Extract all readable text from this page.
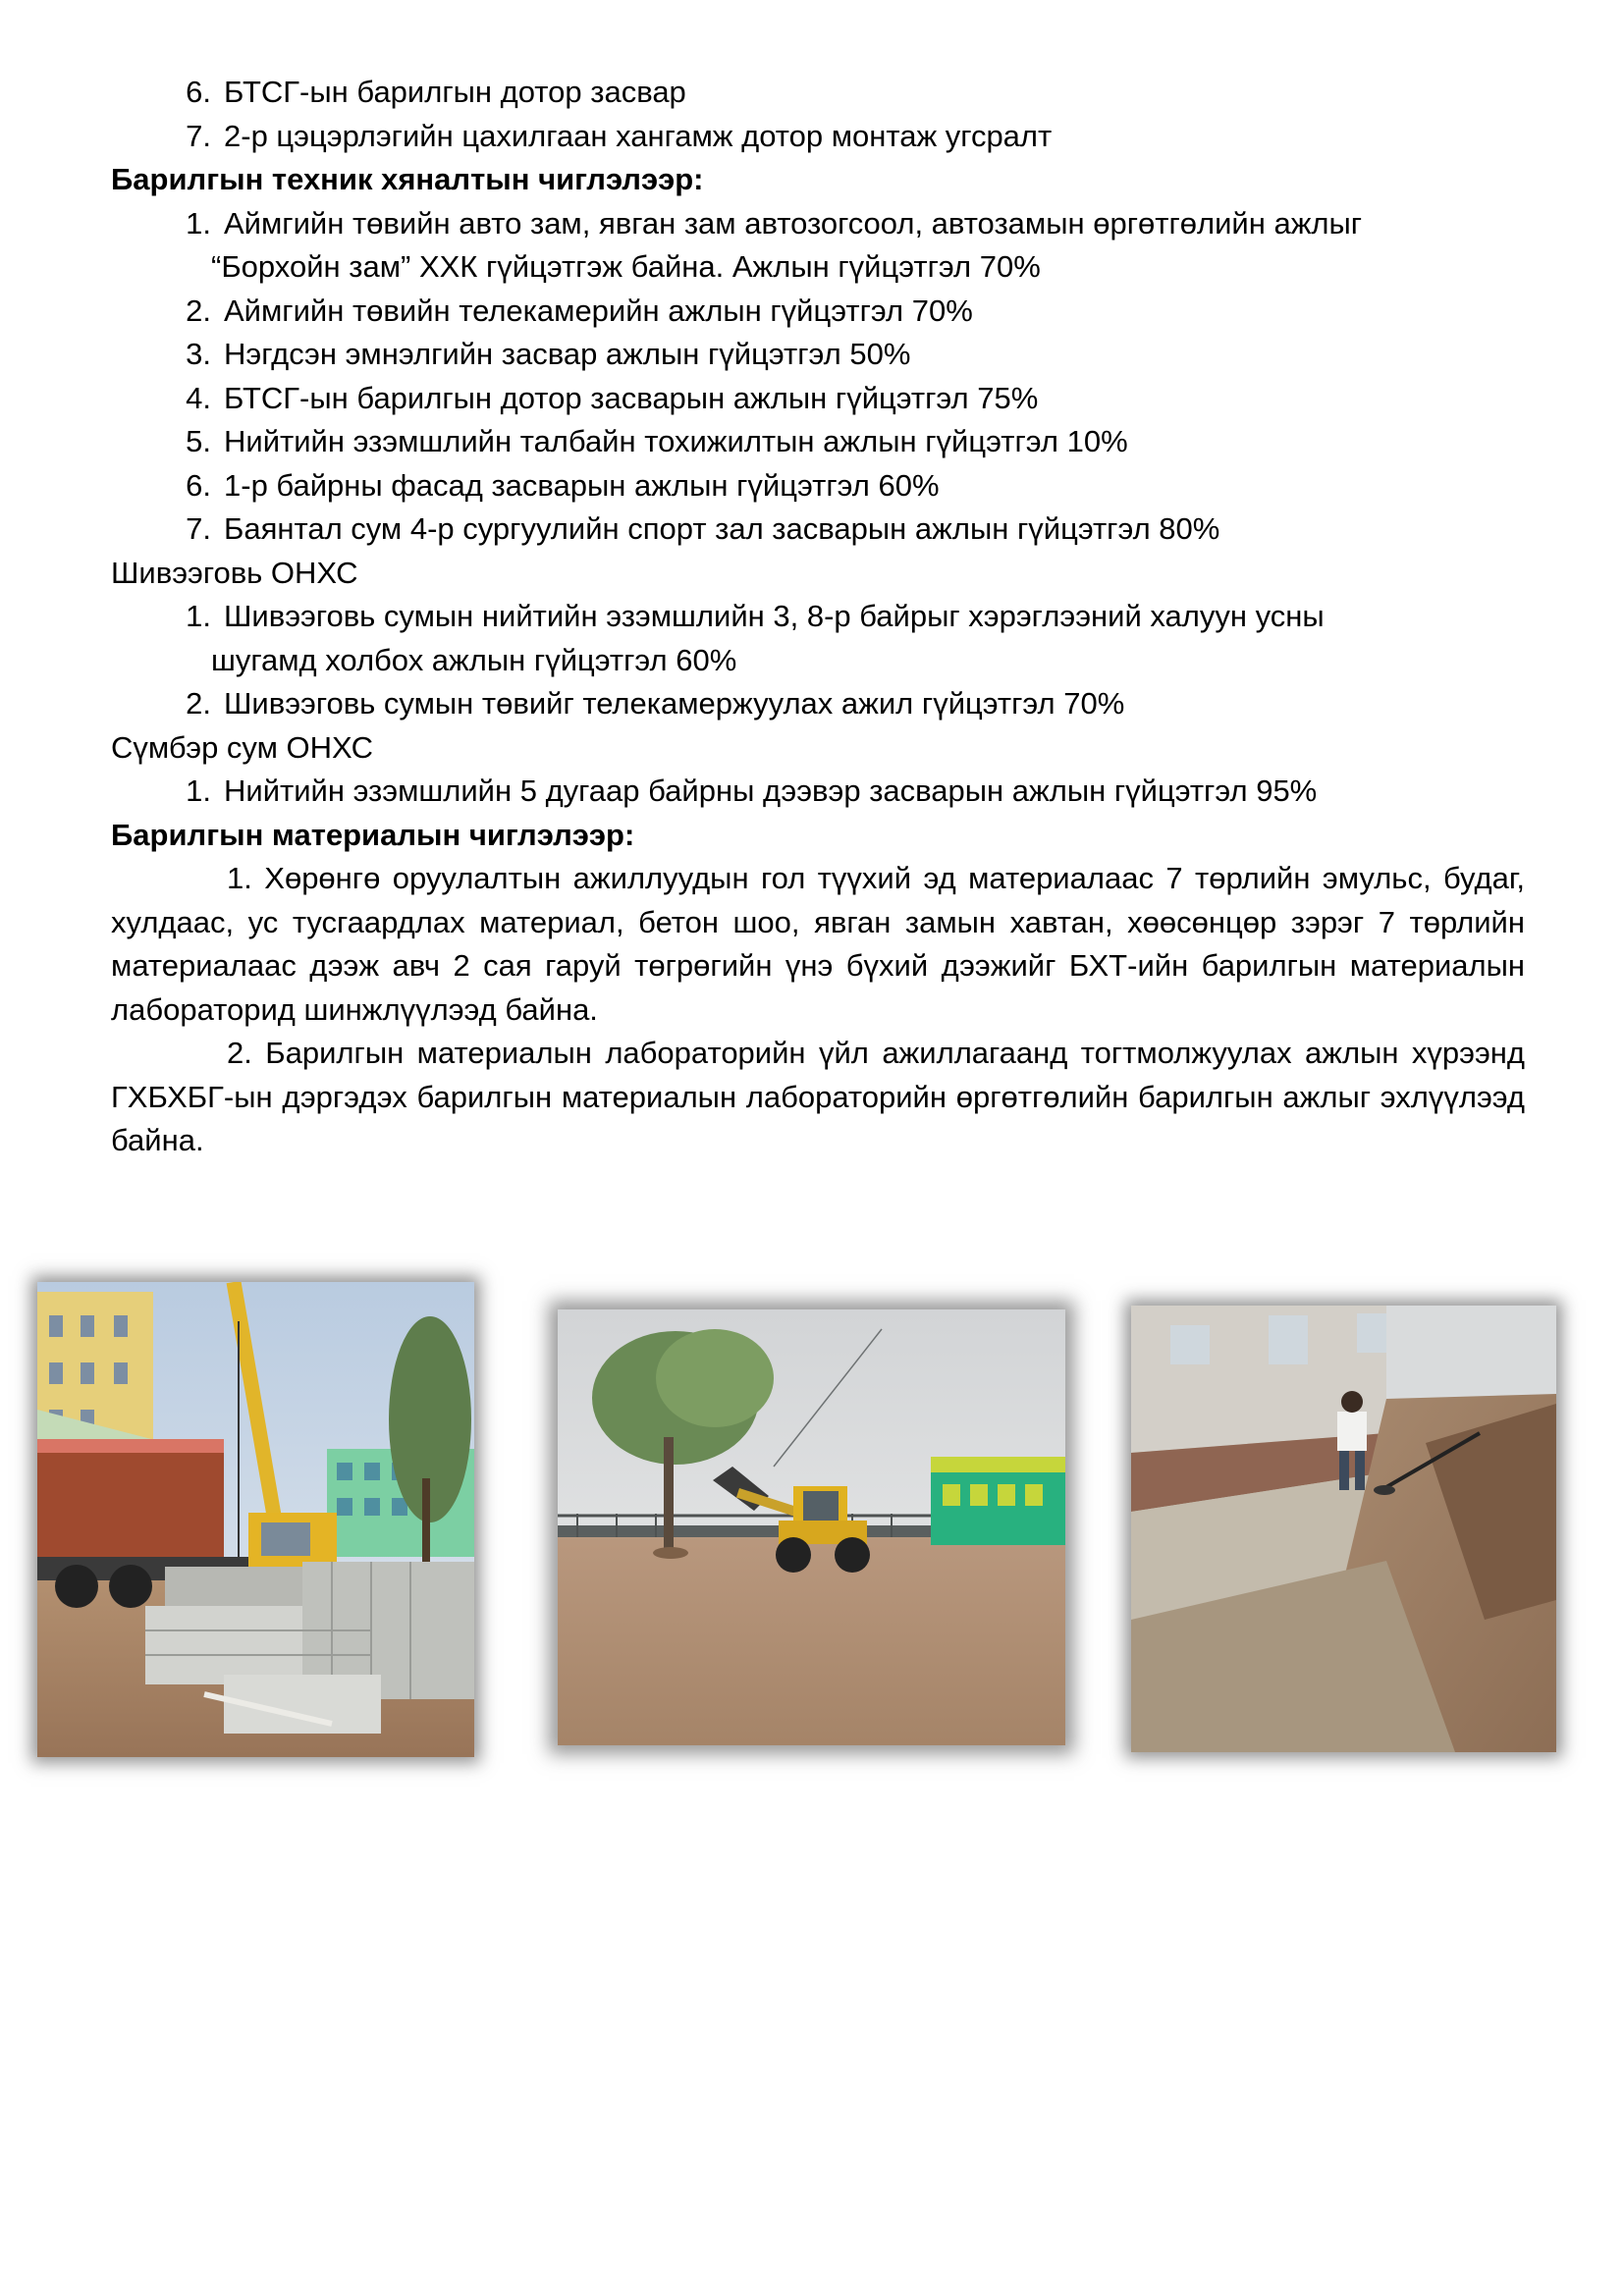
6. БТСГ-ын барилгын дотор засвар
7. 2-р цэцэрлэгийн цахилгаан хангамж дотор монтаж угсралт
Барилгын техник хяналтын чиглэлээр:
1. Аймгийн төвийн авто зам, явган зам автозогсоол, автозамын өргөтгөлийн ажлыг
“Борхойн зам” ХХК гүйцэтгэж байна. Ажлын гүйцэтгэл 70%
2. Аймгийн төвийн телекамерийн ажлын гүйцэтгэл 70%
3. Нэгдсэн эмнэлгийн засвар ажлын гүйцэтгэл 50%
4. БТСГ-ын барилгын дотор засварын ажлын гүйцэтгэл 75%
5. Нийтийн эзэмшлийн талбайн тохижилтын ажлын гүйцэтгэл 10%
6. 1-р байрны фасад засварын ажлын гүйцэтгэл 60%
7. Баянтал сум 4-р сургуулийн спорт зал засварын ажлын гүйцэтгэл 80%
Шивээговь ОНХС
1. Шивээговь сумын нийтийн эзэмшлийн 3, 8-р байрыг хэрэглээний халуун усны
шугамд холбох ажлын гүйцэтгэл 60%
2. Шивээговь сумын төвийг телекамержуулах ажил гүйцэтгэл 70%
Сүмбэр сум ОНХС
1. Нийтийн эзэмшлийн 5 дугаар байрны дээвэр засварын ажлын гүйцэтгэл 95%
Барилгын материалын чиглэлээр:
1. Хөрөнгө оруулалтын ажиллуудын гол түүхий эд материалаас 7 төрлийн эмульс, будаг, хулдаас, ус тусгаардлах материал, бетон шоо, явган замын хавтан, хөөсөнцөр зэрэг 7 төрлийн материалаас дээж авч 2 сая гаруй төгрөгийн үнэ бүхий дээжийг БХТ-ийн барилгын материалын лабораторид шинжлүүлээд байна.
2. Барилгын материалын лабораторийн үйл ажиллагаанд тогтмолжуулах ажлын хүрээнд ГХБХБГ-ын дэргэдэх барилгын материалын лабораторийн өргөтгөлийн барилгын ажлыг эхлүүлээд байна.
